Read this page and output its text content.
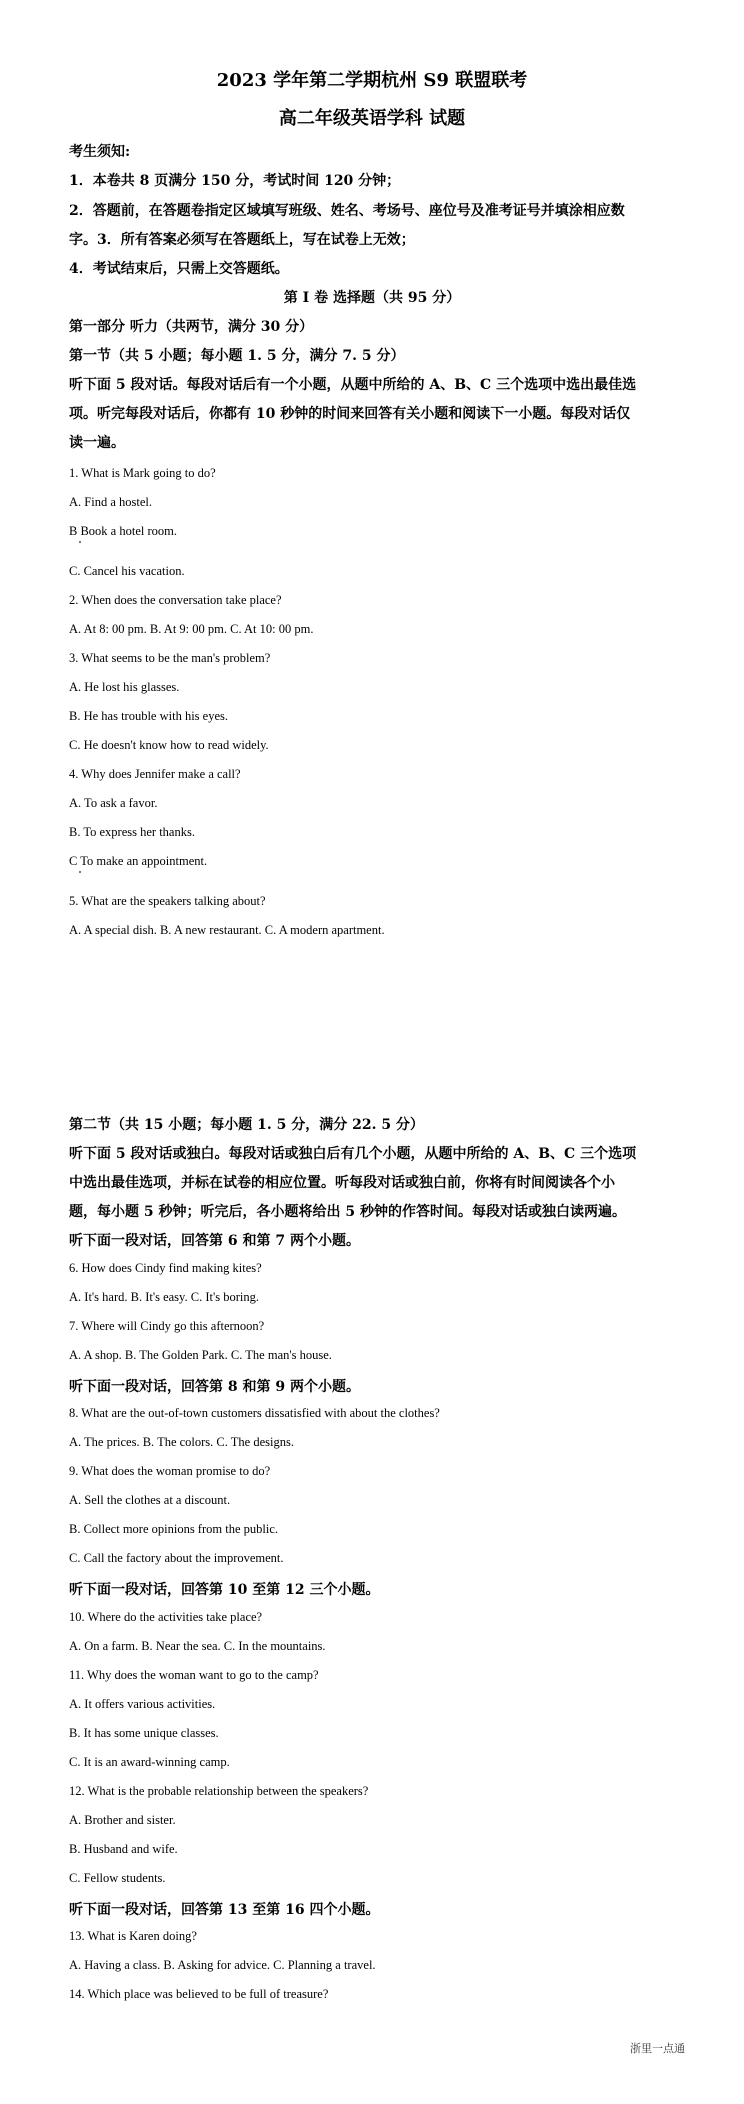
2023 学年第二学期杭州 S9 联盟联考
高二年级英语学科 试题
考生须知:
1．本卷共 8 页满分 150 分，考试时间 120 分钟；
2．答题前，在答题卷指定区域填写班级、姓名、考场号、座位号及准考证号并填涂相应数
字。3．所有答案必须写在答题纸上，写在试卷上无效；
4．考试结束后，只需上交答题纸。
第 I 卷 选择题（共 95 分）
第一部分 听力（共两节，满分 30 分）
第一节（共 5 小题；每小题 1. 5 分，满分 7. 5 分）
听下面 5 段对话。每段对话后有一个小题，从题中所给的 A、B、C 三个选项中选出最佳选
项。听完每段对话后，你都有 10 秒钟的时间来回答有关小题和阅读下一小题。每段对话仅
读一遍。
1. What is Mark going to do?
A. Find a hostel.
B Book a hotel room.
C. Cancel his vacation.
2. When does the conversation take place?
A. At 8: 00 pm. B. At 9: 00 pm. C. At 10: 00 pm.
3. What seems to be the man's problem?
A. He lost his glasses.
B. He has trouble with his eyes.
C. He doesn't know how to read widely.
4. Why does Jennifer make a call?
A. To ask a favor.
B. To express her thanks.
C To make an appointment.
5. What are the speakers talking about?
A. A special dish. B. A new restaurant. C. A modern apartment.
第二节（共 15 小题；每小题 1. 5 分，满分 22. 5 分）
听下面 5 段对话或独白。每段对话或独白后有几个小题，从题中所给的 A、B、C 三个选项
中选出最佳选项，并标在试卷的相应位置。听每段对话或独白前，你将有时间阅读各个小
题，每小题 5 秒钟；听完后，各小题将给出 5 秒钟的作答时间。每段对话或独白读两遍。
听下面一段对话，回答第 6 和第 7 两个小题。
6. How does Cindy find making kites?
A. It's hard. B. It's easy. C. It's boring.
7. Where will Cindy go this afternoon?
A. A shop. B. The Golden Park. C. The man's house.
听下面一段对话，回答第 8 和第 9 两个小题。
8. What are the out-of-town customers dissatisfied with about the clothes?
A. The prices. B. The colors. C. The designs.
9. What does the woman promise to do?
A. Sell the clothes at a discount.
B. Collect more opinions from the public.
C. Call the factory about the improvement.
听下面一段对话，回答第 10 至第 12 三个小题。
10. Where do the activities take place?
A. On a farm. B. Near the sea. C. In the mountains.
11. Why does the woman want to go to the camp?
A. It offers various activities.
B. It has some unique classes.
C. It is an award-winning camp.
12. What is the probable relationship between the speakers?
A. Brother and sister.
B. Husband and wife.
C. Fellow students.
听下面一段对话，回答第 13 至第 16 四个小题。
13. What is Karen doing?
A. Having a class. B. Asking for advice. C. Planning a travel.
14. Which place was believed to be full of treasure?
浙里一点通
